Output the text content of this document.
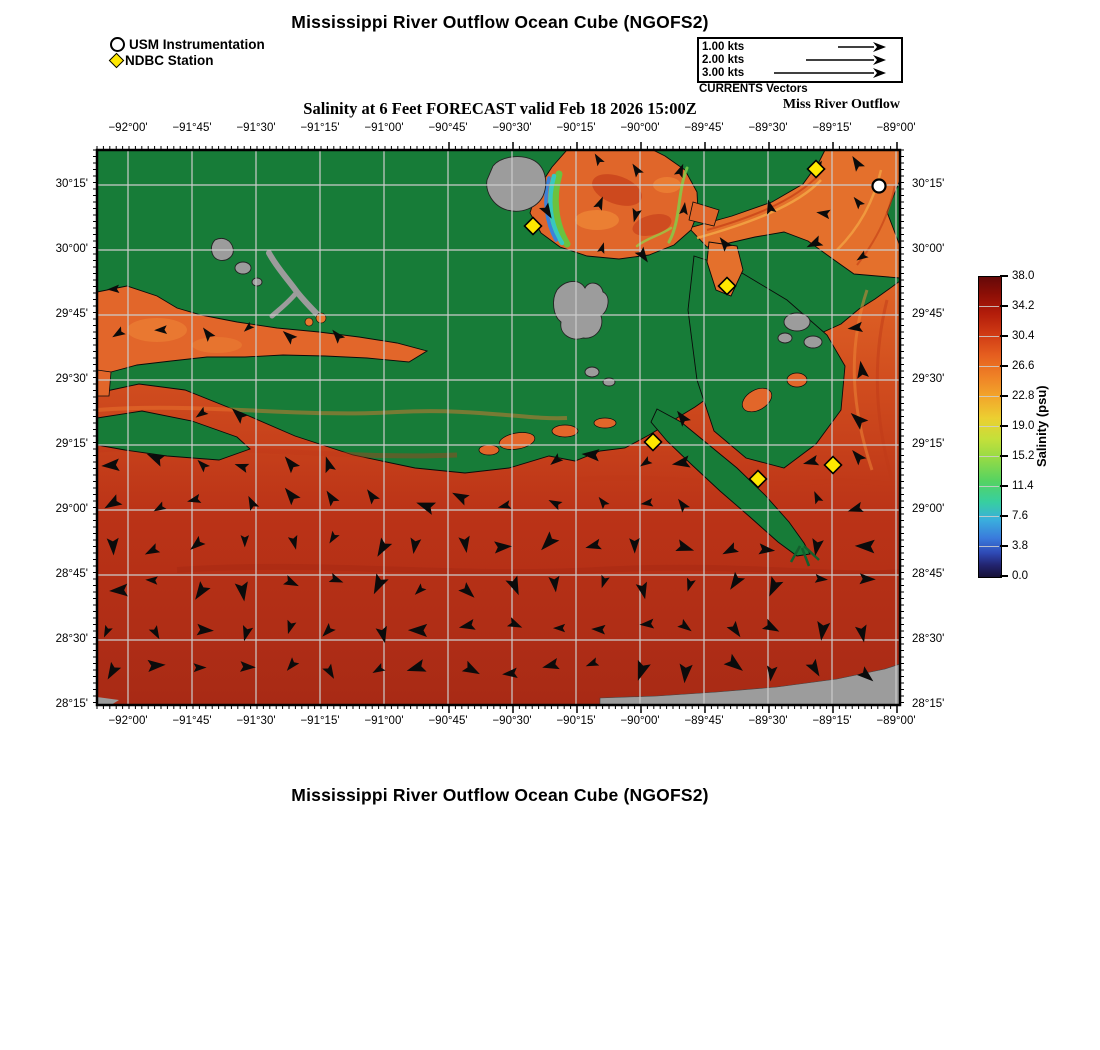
Mississippi River Outflow Ocean Cube (NGOFS2)
USM Instrumentation
NDBC Station
1.00 kts
2.00 kts
3.00 kts
CURRENTS Vectors
Salinity at 6 Feet FORECAST valid Feb 18 2026 15:00Z	Miss River Outflow
−92°00'
−92°00'
−91°45'
−91°45'
−91°30'
−91°30'
−91°15'
−91°15'
−91°00'
−91°00'
−90°45'
−90°45'
−90°30'
−90°30'
−90°15'
−90°15'
−90°00'
−90°00'
−89°45'
−89°45'
−89°30'
−89°30'
−89°15'
−89°15'
−89°00'
−89°00'
30°15'	30°15'
30°00'	30°00'
29°45'	29°45'
29°30'	29°30'
29°15'	29°15'
29°00'	29°00'
28°45'	28°45'
28°30'	28°30'
28°15'	28°15'
38.0
34.2
30.4
26.6
22.8
19.0
15.2
11.4
7.6
3.8
0.0
Salinity (psu)
Mississippi River Outflow Ocean Cube (NGOFS2)
